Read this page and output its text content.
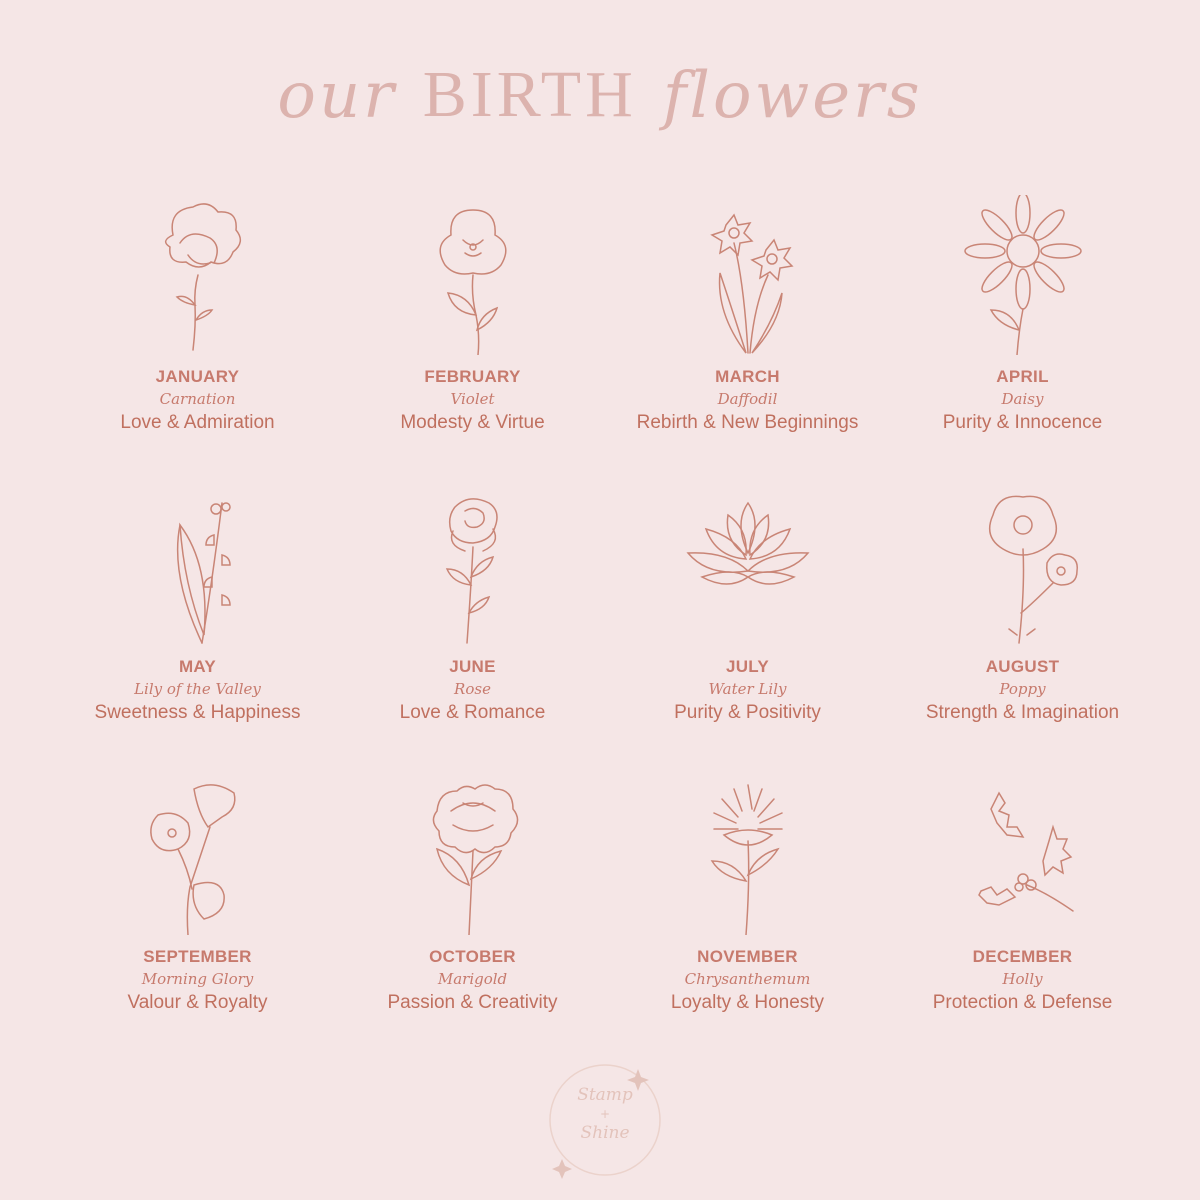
our BIRTH flowers
JANUARY
Carnation
Love & Admiration
FEBRUARY
Violet
Modesty & Virtue
MARCH
Daffodil
Rebirth & New Beginnings
APRIL
Daisy
Purity & Innocence
MAY
Lily of the Valley
Sweetness & Happiness
JUNE
Rose
Love & Romance
JULY
Water Lily
Purity & Positivity
AUGUST
Poppy
Strength & Imagination
SEPTEMBER
Morning Glory
Valour & Royalty
OCTOBER
Marigold
Passion & Creativity
NOVEMBER
Chrysanthemum
Loyalty & Honesty
DECEMBER
Holly
Protection & Defense
Stamp
+
Shine
